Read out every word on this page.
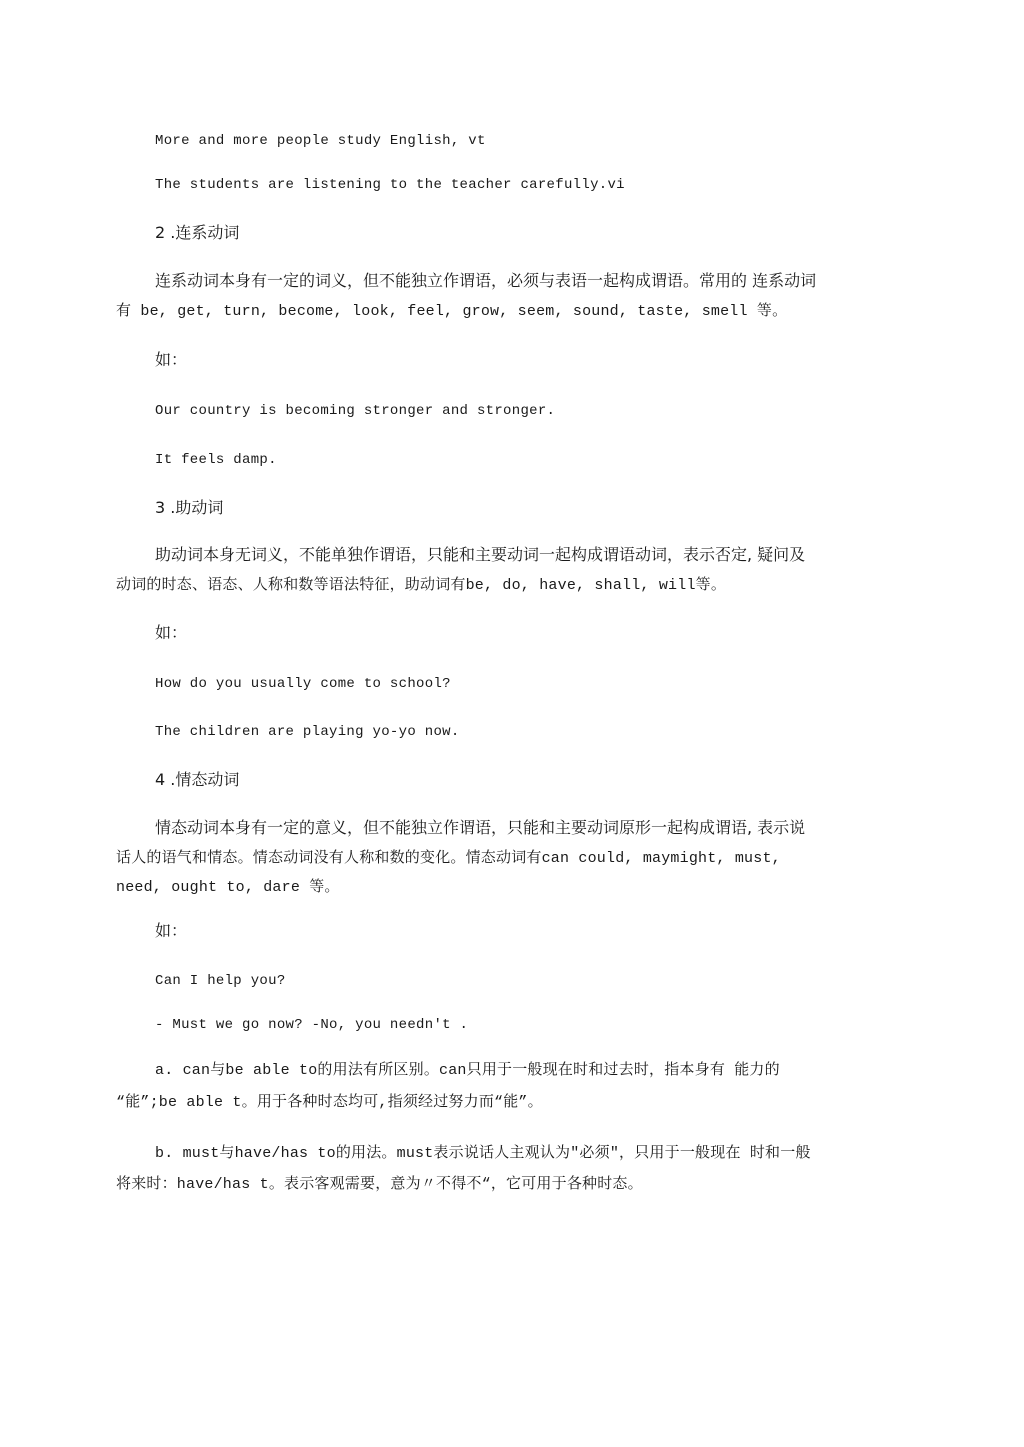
More and more people study English, vt
The students are listening to the teacher carefully.vi
2 .连系动词
连系动词本身有一定的词义，但不能独立作谓语，必须与表语一起构成谓语。常用的 连系动词
有 be, get, turn, become, look, feel, grow, seem, sound, taste, smell 等。
如：
Our country is becoming stronger and stronger.
It feels damp.
3 .助动词
助动词本身无词义，不能单独作谓语，只能和主要动词一起构成谓语动词，表示否定, 疑问及
动词的时态、语态、人称和数等语法特征，助动词有be, do, have, shall, will等。
如：
How do you usually come to school?
The children are playing yo-yo now.
4 .情态动词
情态动词本身有一定的意义，但不能独立作谓语，只能和主要动词原形一起构成谓语, 表示说
话人的语气和情态。情态动词没有人称和数的变化。情态动词有can could, maymight, must,
need, ought to, dare 等。
如：
Can I help you?
- Must we go now? -No, you needn't .
a. can与be able to的用法有所区别。can只用于一般现在时和过去时，指本身有 能力的
“能”;be able t。用于各种时态均可,指须经过努力而“能”。
b. must与have/has to的用法。must表示说话人主观认为"必须"，只用于一般现在 时和一般
将来时：have/has t。表示客观需要，意为〃不得不“，它可用于各种时态。
